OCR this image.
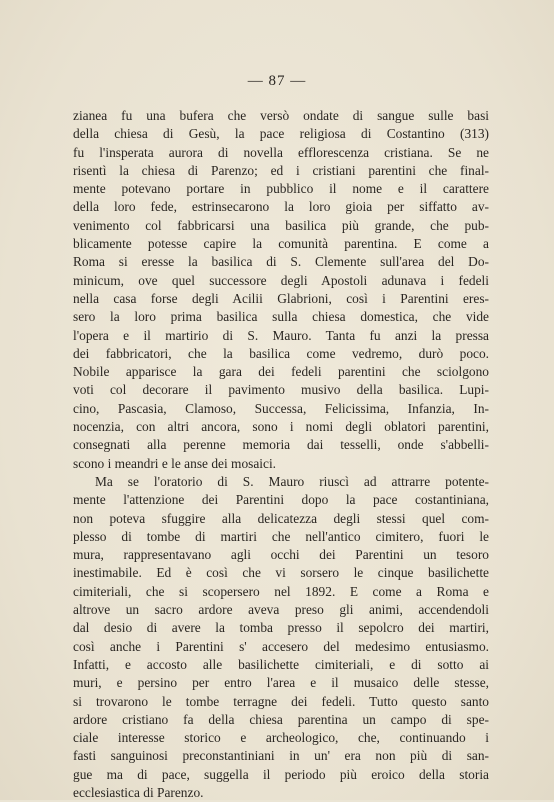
— 87 —
zianea fu una bufera che versò ondate di sangue sulle basi
della chiesa di Gesù, la pace religiosa di Costantino (313)
fu l'insperata aurora di novella efflorescenza cristiana. Se ne
risentì la chiesa di Parenzo; ed i cristiani parentini che final-
mente potevano portare in pubblico il nome e il carattere
della loro fede, estrinsecarono la loro gioia per siffatto av-
venimento col fabbricarsi una basilica più grande, che pub-
blicamente potesse capire la comunità parentina. E come a
Roma si eresse la basilica di S. Clemente sull'area del Do-
minicum, ove quel successore degli Apostoli adunava i fedeli
nella casa forse degli Acilii Glabrioni, così i Parentini eres-
sero la loro prima basilica sulla chiesa domestica, che vide
l'opera e il martirio di S. Mauro. Tanta fu anzi la pressa
dei fabbricatori, che la basilica come vedremo, durò poco.
Nobile apparisce la gara dei fedeli parentini che sciolgono
voti col decorare il pavimento musivo della basilica. Lupi-
cino, Pascasia, Clamoso, Successa, Felicissima, Infanzia, In-
nocenzia, con altri ancora, sono i nomi degli oblatori parentini,
consegnati alla perenne memoria dai tesselli, onde s'abbelli-
scono i meandri e le anse dei mosaici.
Ma se l'oratorio di S. Mauro riuscì ad attrarre potente-
mente l'attenzione dei Parentini dopo la pace costantiniana,
non poteva sfuggire alla delicatezza degli stessi quel com-
plesso di tombe di martiri che nell'antico cimitero, fuori le
mura, rappresentavano agli occhi dei Parentini un tesoro
inestimabile. Ed è così che vi sorsero le cinque basilichette
cimiteriali, che si scopersero nel 1892. E come a Roma e
altrove un sacro ardore aveva preso gli animi, accendendoli
dal desio di avere la tomba presso il sepolcro dei martiri,
così anche i Parentini s' accesero del medesimo entusiasmo.
Infatti, e accosto alle basilichette cimiteriali, e di sotto ai
muri, e persino per entro l'area e il musaico delle stesse,
si trovarono le tombe terragne dei fedeli. Tutto questo santo
ardore cristiano fa della chiesa parentina un campo di spe-
ciale interesse storico e archeologico, che, continuando i
fasti sanguinosi preconstantiniani in un' era non più di san-
gue ma di pace, suggella il periodo più eroico della storia
ecclesiastica di Parenzo.
